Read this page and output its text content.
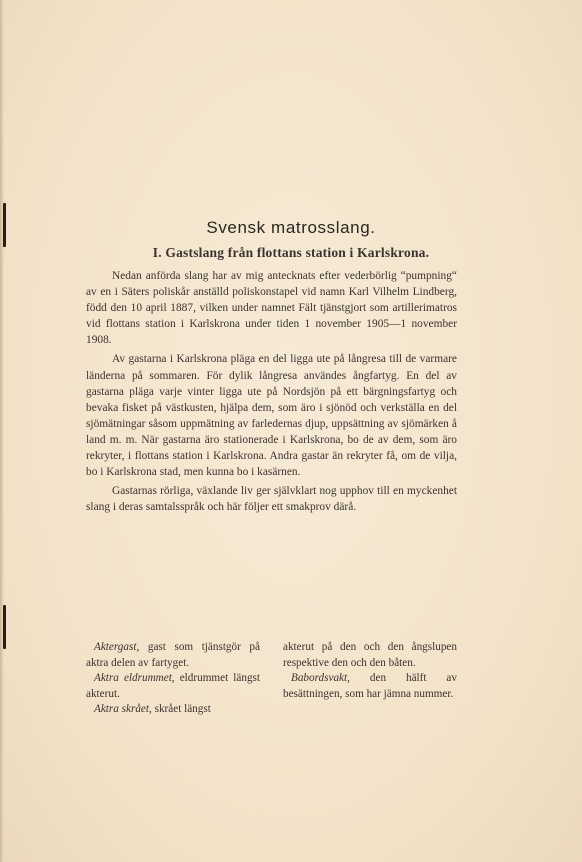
Svensk matrosslang.
I. Gastslang från flottans station i Karlskrona.

Nedan anförda slang har av mig antecknats efter vederbörlig “pumpning“ av en i Säters poliskår anställd poliskonstapel vid namn Karl Vilhelm Lindberg, född den 10 april 1887, vilken under namnet Fält tjänstgjort som artillerimatros vid flottans station i Karlskrona under tiden 1 november 1905—1 november 1908.

Av gastarna i Karlskrona pläga en del ligga ute på långresa till de varmare länderna på sommaren. För dylik långresa användes ångfartyg. En del av gastarna pläga varje vinter ligga ute på Nordsjön på ett bärgningsfartyg och bevaka fisket på västkusten, hjälpa dem, som äro i sjönöd och verkställa en del sjömätningar såsom uppmätning av farledernas djup, uppsättning av sjömärken å land m. m. När gastarna äro stationerade i Karlskrona, bo de av dem, som äro rekryter, i flottans station i Karlskrona. Andra gastar än rekryter få, om de vilja, bo i Karlskrona stad, men kunna bo i kasärnen.

Gastarnas rörliga, växlande liv ger självklart nog upphov till en myckenhet slang i deras samtalsspråk och här följer ett smakprov därå.

Aktergast, gast som tjänstgör på aktra delen av fartyget.

Aktra eldrummet, eldrummet längst akterut.

Aktra skrået, skrået längst

akterut på den och den ångslupen respektive den och den båten.

Babordsvakt, den hälft av besättningen, som har jämna nummer.
